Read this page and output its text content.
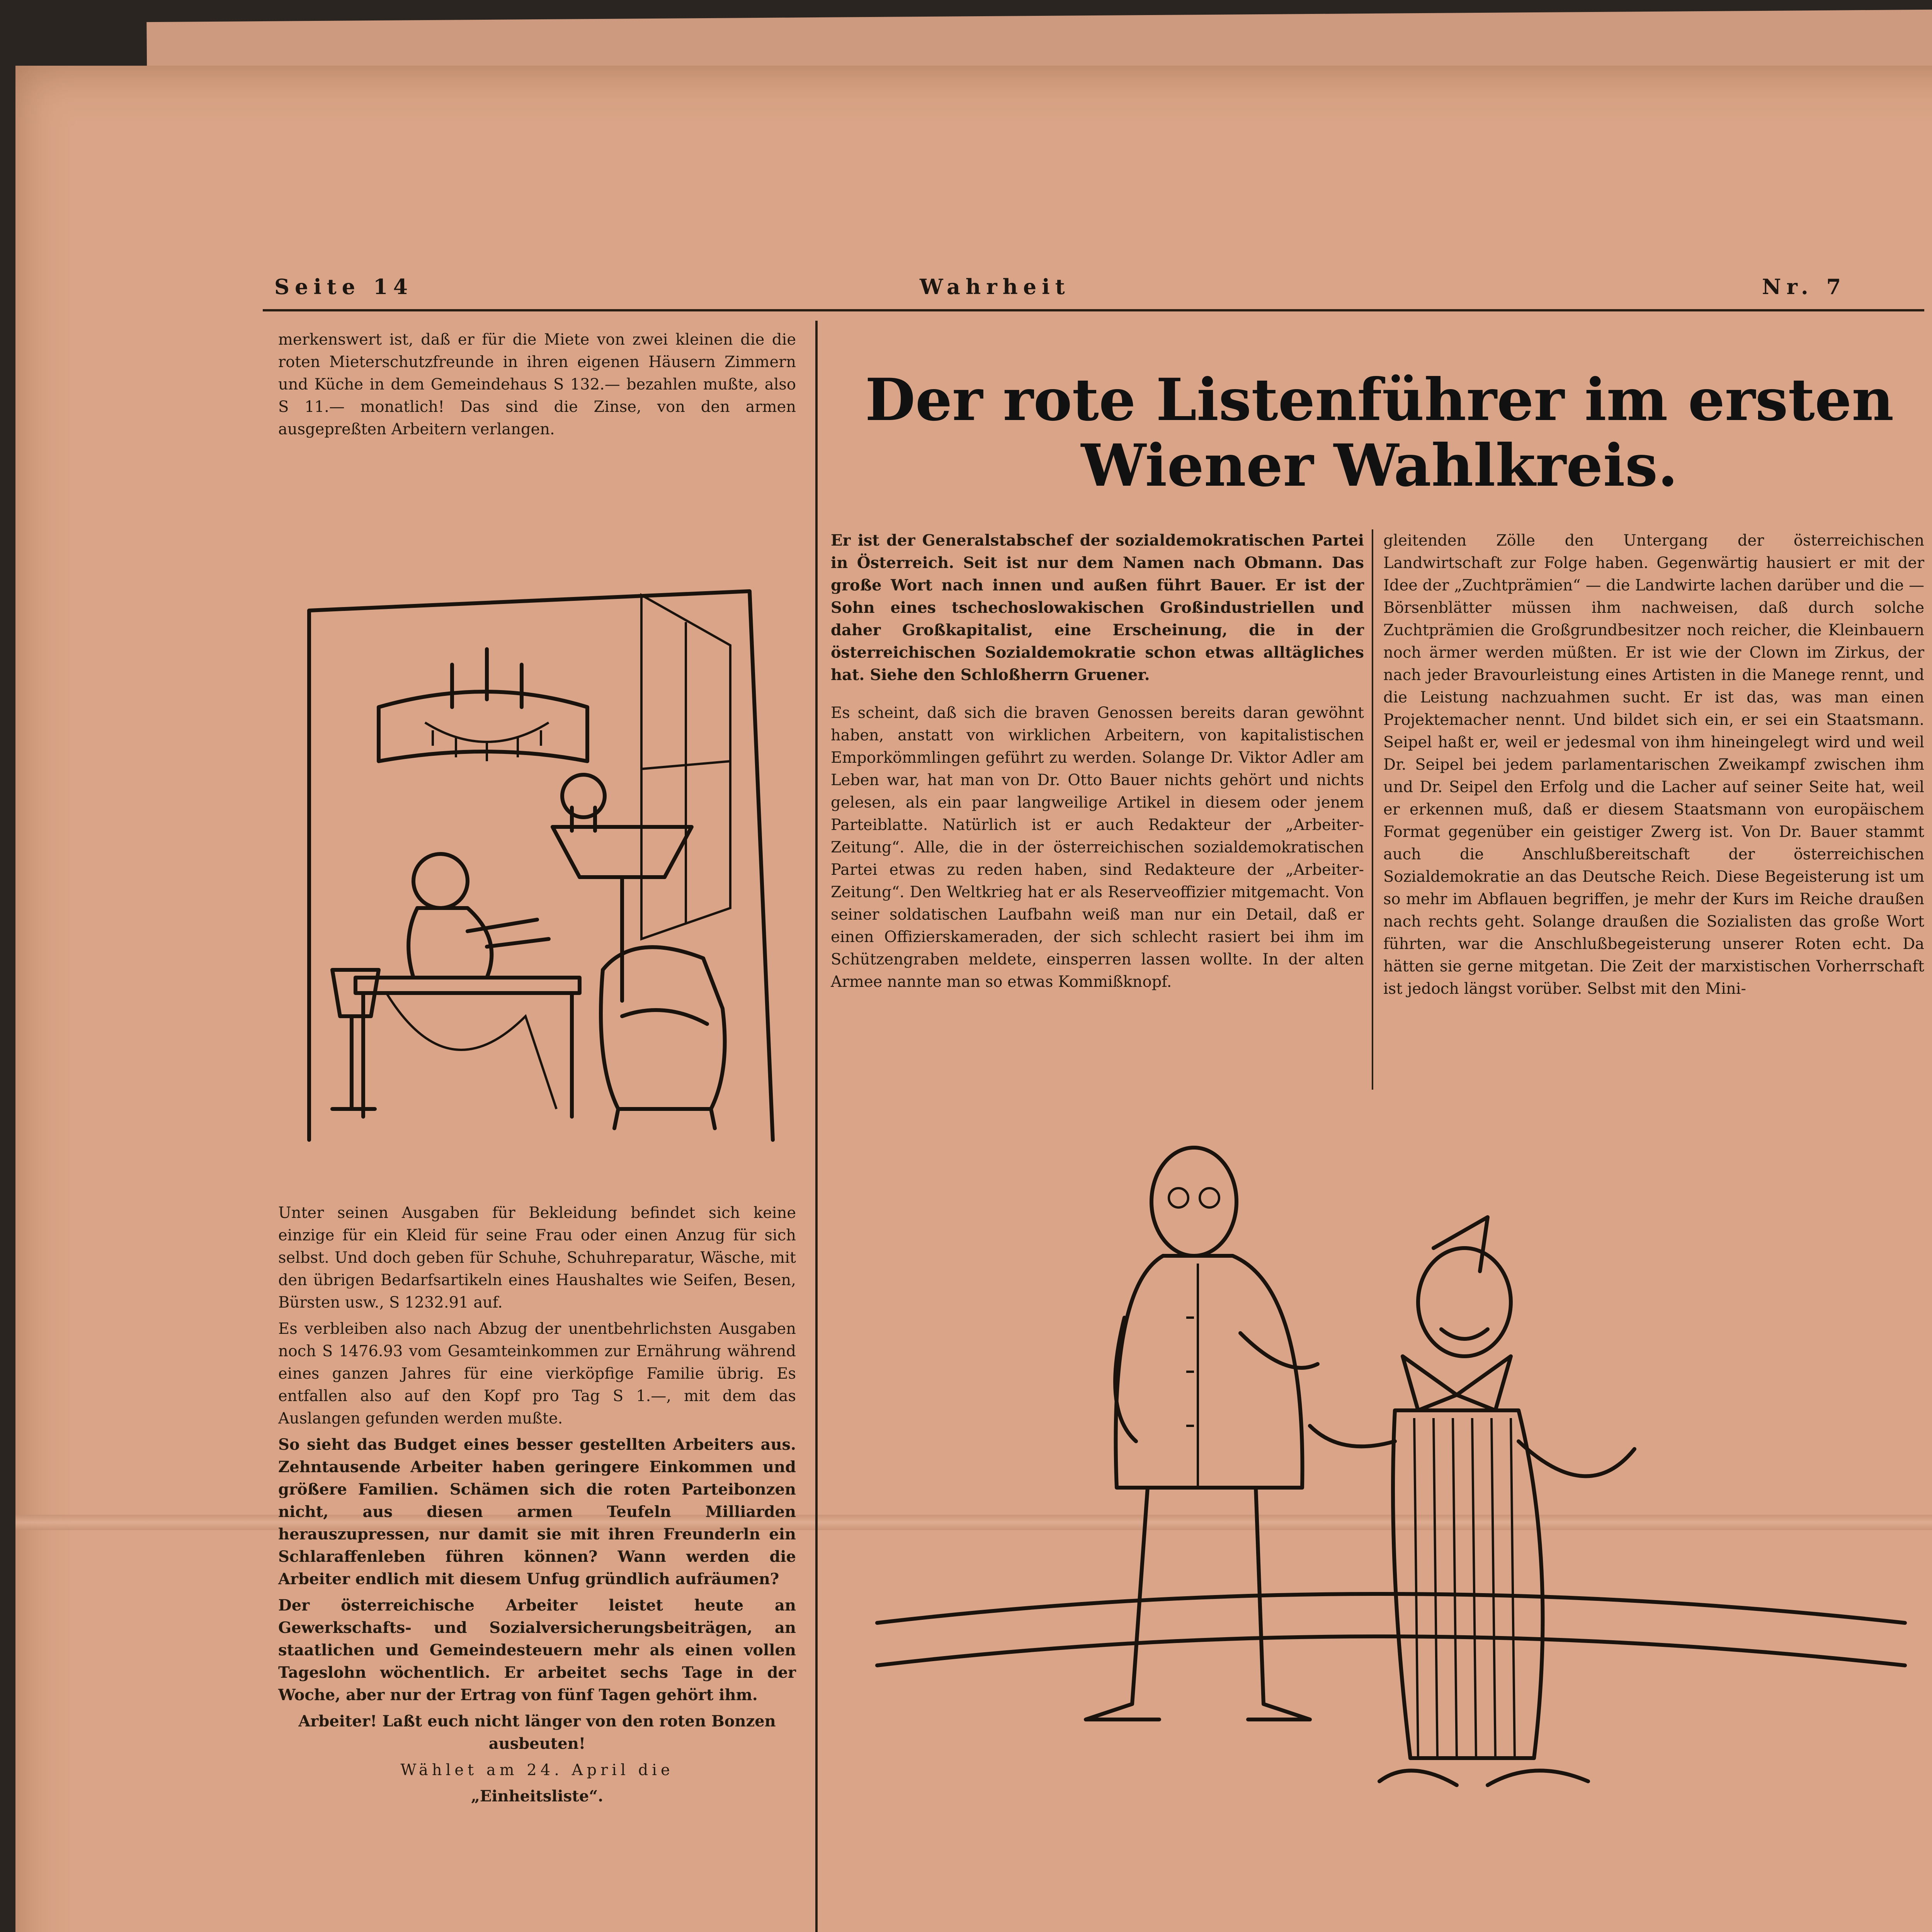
Seite 14	Wahrheit	Nr. 7
merkenswert ist, daß er für die Miete von zwei kleinen die die roten Mieterschutzfreunde in ihren eigenen Häusern Zimmern und Küche in dem Gemeindehaus S 132.— bezahlen mußte, also S 11.— monatlich! Das sind die Zinse, von den armen ausgepreßten Arbeitern verlangen.

Unter seinen Ausgaben für Bekleidung befindet sich keine einzige für ein Kleid für seine Frau oder einen Anzug für sich selbst. Und doch geben für Schuhe, Schuhreparatur, Wäsche, mit den übrigen Bedarfsartikeln eines Haushaltes wie Seifen, Besen, Bürsten usw., S 1232.91 auf.

Es verbleiben also nach Abzug der unentbehrlichsten Ausgaben noch S 1476.93 vom Gesamteinkommen zur Ernährung während eines ganzen Jahres für eine vierköpfige Familie übrig. Es entfallen also auf den Kopf pro Tag S 1.—, mit dem das Auslangen gefunden werden mußte.

So sieht das Budget eines besser gestellten Arbeiters aus. Zehntausende Arbeiter haben geringere Einkommen und größere Familien. Schämen sich die roten Parteibonzen nicht, aus diesen armen Teufeln Milliarden herauszupressen, nur damit sie mit ihren Freunderln ein Schlaraffenleben führen können? Wann werden die Arbeiter endlich mit diesem Unfug gründlich aufräumen?

Der österreichische Arbeiter leistet heute an Gewerkschafts- und Sozialversicherungsbeiträgen, an staatlichen und Gemeindesteuern mehr als einen vollen Tageslohn wöchentlich. Er arbeitet sechs Tage in der Woche, aber nur der Ertrag von fünf Tagen gehört ihm.

Arbeiter! Laßt euch nicht länger von den roten Bonzen ausbeuten!

Wählet am 24. April die

„Einheitsliste“.

Der rote Listenführer im ersten
Wiener Wahlkreis.

Er ist der Generalstabschef der sozialdemokratischen Partei in Österreich. Seit ist nur dem Namen nach Obmann. Das große Wort nach innen und außen führt Bauer. Er ist der Sohn eines tschechoslowakischen Großindustriellen und daher Großkapitalist, eine Erscheinung, die in der österreichischen Sozialdemokratie schon etwas alltägliches hat. Siehe den Schloßherrn Gruener.

Es scheint, daß sich die braven Genossen bereits daran gewöhnt haben, anstatt von wirklichen Arbeitern, von kapitalistischen Emporkömmlingen geführt zu werden. Solange Dr. Viktor Adler am Leben war, hat man von Dr. Otto Bauer nichts gehört und nichts gelesen, als ein paar langweilige Artikel in diesem oder jenem Parteiblatte. Natürlich ist er auch Redakteur der „Arbeiter-Zeitung“. Alle, die in der österreichischen sozialdemokratischen Partei etwas zu reden haben, sind Redakteure der „Arbeiter-Zeitung“. Den Weltkrieg hat er als Reserveoffizier mitgemacht. Von seiner soldatischen Laufbahn weiß man nur ein Detail, daß er einen Offizierskameraden, der sich schlecht rasiert bei ihm im Schützengraben meldete, einsperren lassen wollte. In der alten Armee nannte man so etwas Kommißknopf.

gleitenden Zölle den Untergang der österreichischen Landwirtschaft zur Folge haben. Gegenwärtig hausiert er mit der Idee der „Zuchtprämien“ — die Landwirte lachen darüber und die — Börsenblätter müssen ihm nachweisen, daß durch solche Zuchtprämien die Großgrundbesitzer noch reicher, die Kleinbauern noch ärmer werden müßten. Er ist wie der Clown im Zirkus, der nach jeder Bravourleistung eines Artisten in die Manege rennt, und die Leistung nachzuahmen sucht. Er ist das, was man einen Projektemacher nennt. Und bildet sich ein, er sei ein Staatsmann. Seipel haßt er, weil er jedesmal von ihm hineingelegt wird und weil Dr. Seipel bei jedem parlamentarischen Zweikampf zwischen ihm und Dr. Seipel den Erfolg und die Lacher auf seiner Seite hat, weil er erkennen muß, daß er diesem Staatsmann von europäischem Format gegenüber ein geistiger Zwerg ist. Von Dr. Bauer stammt auch die Anschlußbereitschaft der österreichischen Sozialdemokratie an das Deutsche Reich. Diese Begeisterung ist um so mehr im Abflauen begriffen, je mehr der Kurs im Reiche draußen nach rechts geht. Solange draußen die Sozialisten das große Wort führten, war die Anschlußbegeisterung unserer Roten echt. Da hätten sie gerne mitgetan. Die Zeit der marxistischen Vorherrschaft ist jedoch längst vorüber. Selbst mit den Mini-
